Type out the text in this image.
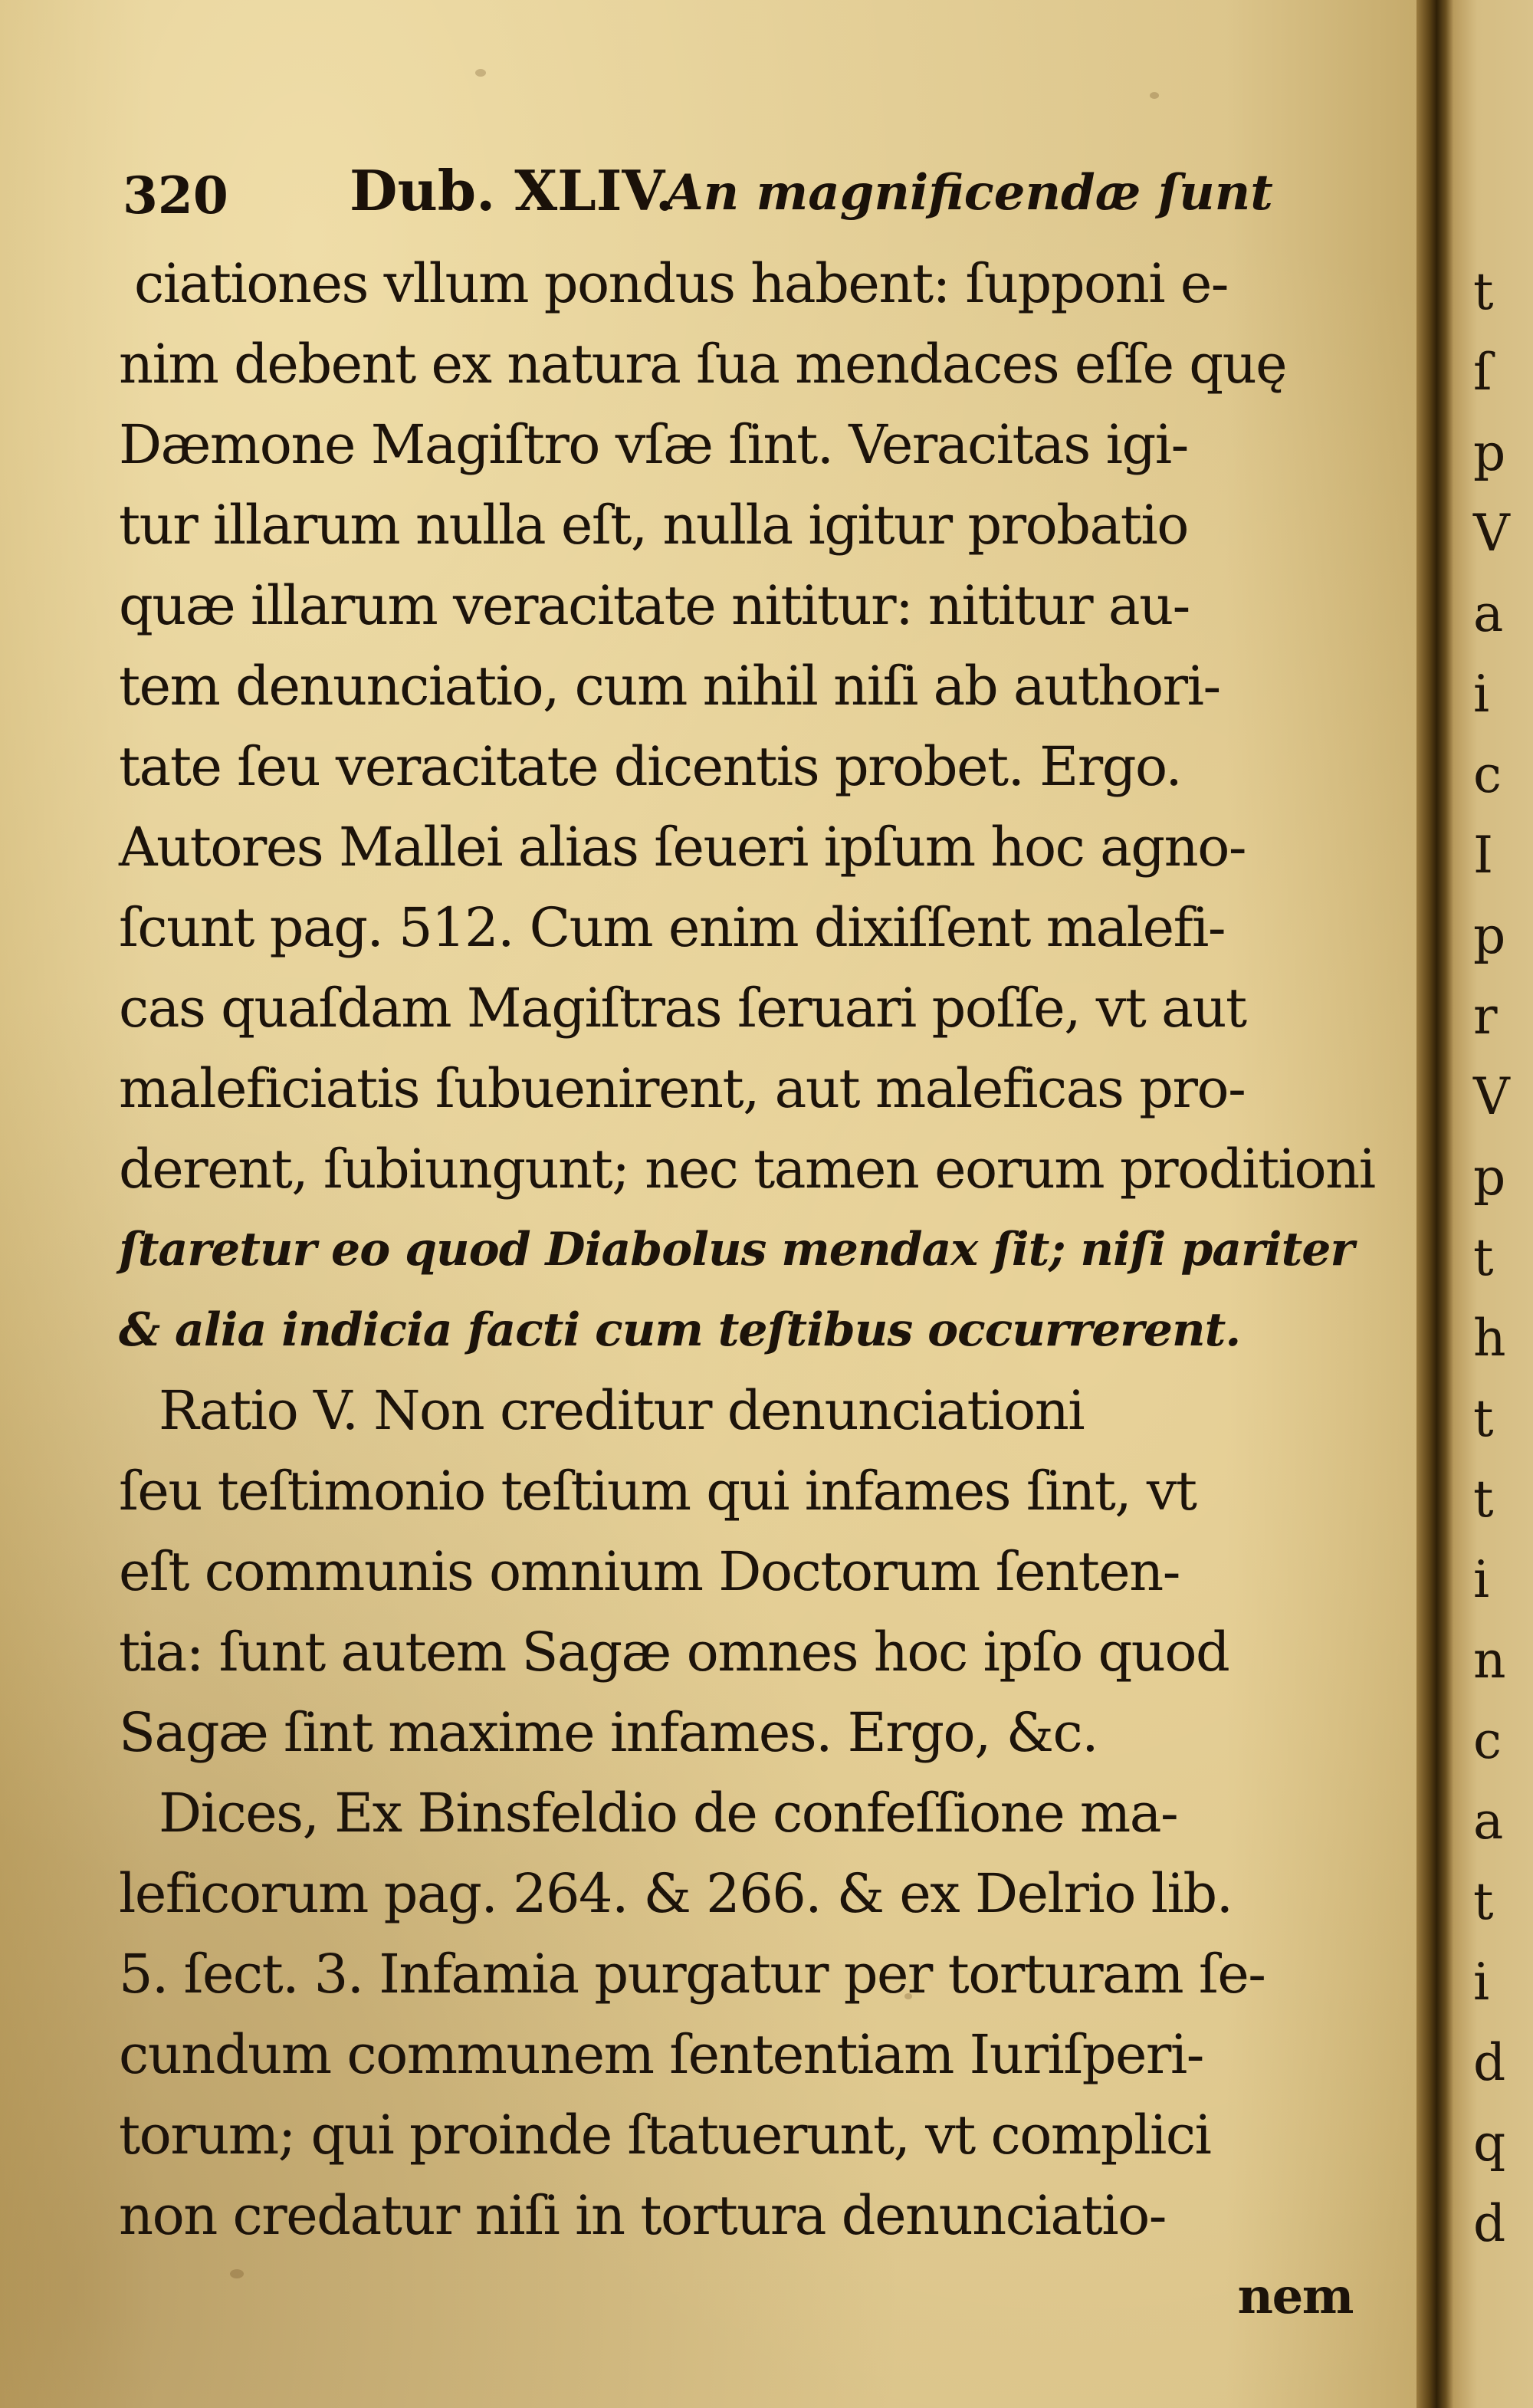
320 Dub. XLIV.
An magnificendæ ſunt
ciationes vllum pondus habent: ſupponi e-
nim debent ex natura ſua mendaces eſſe quę
Dæmone Magiſtro vſæ ſint. Veracitas igi-
tur illarum nulla eſt, nulla igitur probatio
quæ illarum veracitate nititur: nititur au-
tem denunciatio, cum nihil niſi ab authori-
tate ſeu veracitate dicentis probet. Ergo.
Autores Mallei alias ſeueri ipſum hoc agno-
ſcunt pag. 512. Cum enim dixiſſent malefi-
cas quaſdam Magiſtras ſeruari poſſe, vt aut
maleficiatis ſubuenirent, aut maleficas pro-
derent, ſubiungunt; nec tamen eorum proditioni
ſtaretur eo quod Diabolus mendax ſit; niſi pariter
& alia indicia facti cum teſtibus occurrerent.
Ratio V. Non creditur denunciationi
ſeu teſtimonio teſtium qui infames ſint, vt
eſt communis omnium Doctorum ſenten-
tia: ſunt autem Sagæ omnes hoc ipſo quod
Sagæ ſint maxime infames. Ergo, &c.
Dices, Ex Binsfeldio de confeſſione ma-
leficorum pag. 264. & 266. & ex Delrio lib.
5. ſect. 3. Infamia purgatur per torturam ſe-
cundum communem ſententiam Iuriſperi-
torum; qui proinde ſtatuerunt, vt complici
non credatur niſi in tortura denunciatio-
nem
t
ſ
p
V
a
i
c
I
p
r
V
p
t
h
t
t
i
n
c
a
t
i
d
q
d
